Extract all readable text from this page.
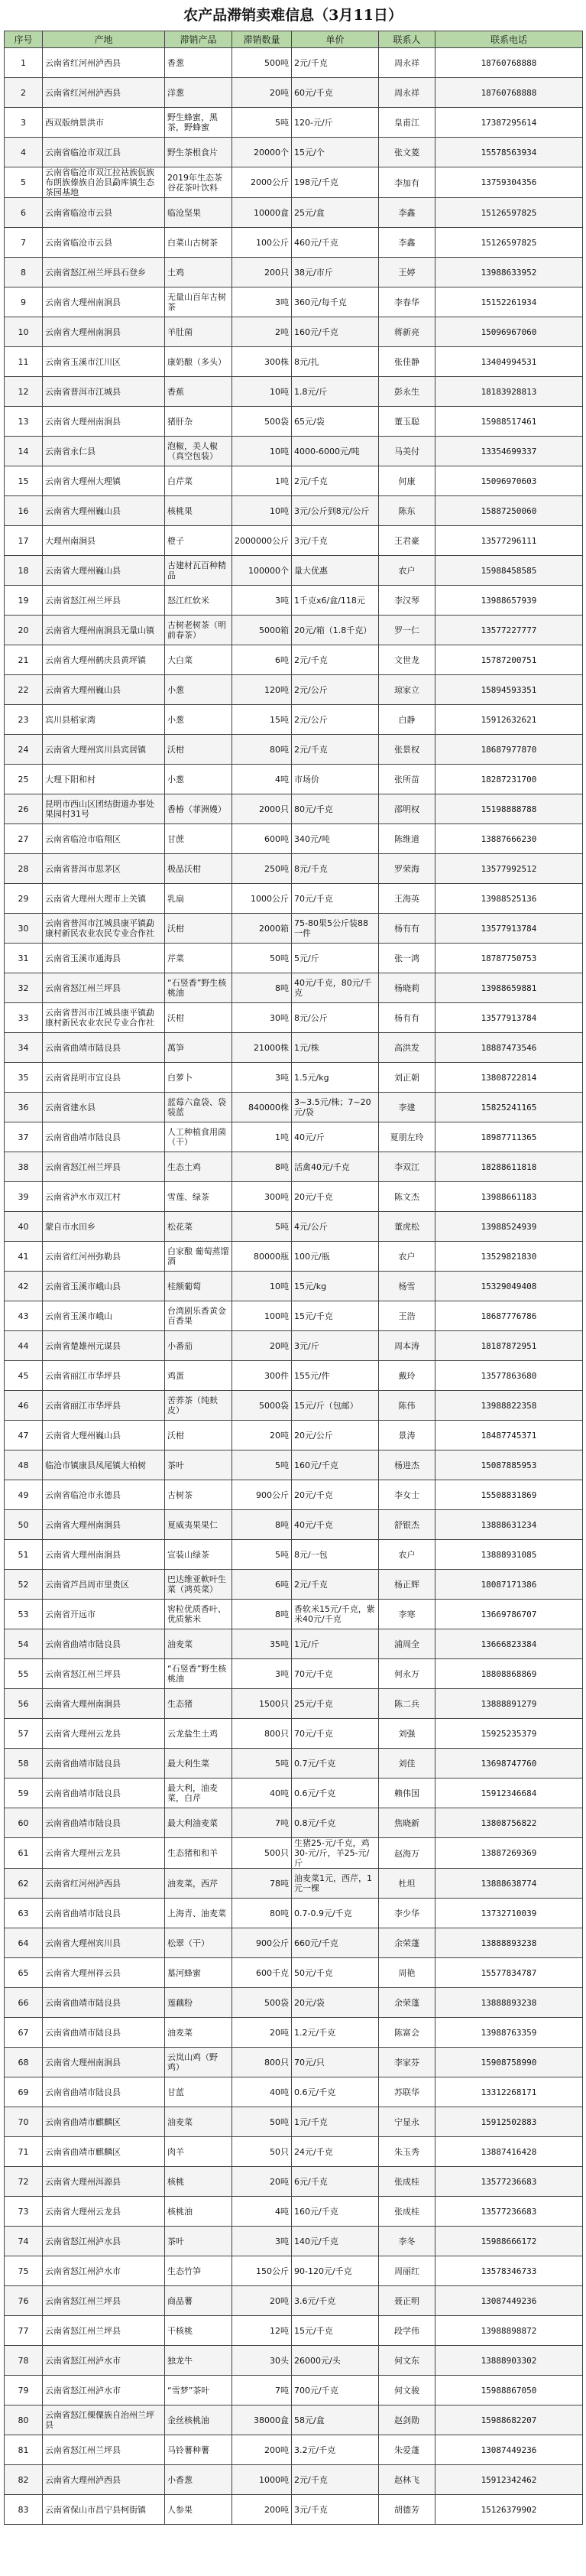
农产品滞销卖难信息（3月11日）
序号	产地	滞销产品	滞销数量	单价	联系人	联系电话
1	云南省红河州泸西县	香葱	500吨	2元/千克	周永祥	18760768888
2	云南省红河州泸西县	洋葱	20吨	60元/千克	周永祥	18760768888
3	西双版纳景洪市	野生蜂蜜，黑茶，野蜂蜜	5吨	120-元/斤	皇甫江	17387295614
4	云南省临沧市双江县	野生茶根食片	20000个	15元/个	张文菱	15578563934
5	云南省临沧市双江拉祜族佤族布朗族傣族自治县勐库镇生态茶园基地	2019年生态茶谷花茶叶饮料	2000公斤	198元/千克	李加有	13759304356
6	云南省临沧市云县	临沧坚果	10000盒	25元/盒	李鑫	15126597825
7	云南省临沧市云县	白菜山古树茶	100公斤	460元/千克	李鑫	15126597825
8	云南省怒江州兰坪县石登乡	土鸡	200只	38元/市斤	王婷	13988633952
9	云南省大理州南涧县	无量山百年古树茶	3吨	360元/每千克	李春华	15152261934
10	云南省大理州南涧县	羊肚菌	2吨	160元/千克	蒋新亮	15096967060
11	云南省玉溪市江川区	康奶酿（多头）	300株	8元/扎	张佳静	13404994531
12	云南省普洱市江城县	香蕉	10吨	1.8元/斤	彭永生	18183928813
13	云南省大理州南涧县	猪肝杂	500袋	65元/袋	董玉聪	15988517461
14	云南省永仁县	泡椒，美人椒（真空包装）	10吨	4000-6000元/吨	马美付	13354699337
15	云南省大理州大理镇	白芹菜	1吨	2元/千克	何康	15096970603
16	云南省大理州巍山县	核桃果	10吨	3元/公斤到8元/公斤	陈东	15887250060
17	大理州南涧县	橙子	2000000公斤	3元/千克	王君豪	13577296111
18	云南省大理州巍山县	古建材瓦百种精品	100000个	量大优惠	农户	15988458585
19	云南省怒江州兰坪县	怒江红软米	3吨	1千克x6/盒/118元	李汉琴	13988657939
20	云南省大理州南涧县无量山镇	古树老树茶（明前春茶）	5000箱	20元/箱（1.8千克）	罗一仁	13577227777
21	云南省大理州鹤庆县黄坪镇	大白菜	6吨	2元/千克	文世龙	15787200751
22	云南省大理州巍山县	小葱	120吨	2元/公斤	琼家立	15894593351
23	宾川县稻家湾	小葱	15吨	2元/公斤	白静	15912632621
24	云南省大理州宾川县宾居镇	沃柑	80吨	2元/千克	张景权	18687977870
25	大理下阳和村	小葱	4吨	市场价	张所苗	18287231700
26	昆明市西山区团结街道办事处果园村31号	香椿（菲洲嫚）	2000只	80元/千克	邵明权	15198888788
27	云南省临沧市临翔区	甘蔗	600吨	340元/吨	陈维道	13887666230
28	云南省普洱市思茅区	极品沃柑	250吨	8元/千克	罗荣海	13577992512
29	云南省大理州大理市上关镇	乳扇	1000公斤	70元/千克	王海英	13988525136
30	云南省普洱市江城县康平镇勐康村新民农业农民专业合作社	沃柑	2000箱	75-80果5公斤装88一件	杨有有	13577913784
31	云南省玉溪市通海县	芹菜	50吨	5元/斤	张一鸿	18787750753
32	云南省怒江州兰坪县	“石竖香”野生核桃油	8吨	40元/千克，80元/千克	杨晓莉	13988659881
33	云南省普洱市江城县康平镇勐康村新民农业农民专业合作社	沃柑	30吨	8元/公斤	杨有有	13577913784
34	云南省曲靖市陆良县	萬笋	21000株	1元/株	高洪发	18887473546
35	云南省昆明市宜良县	白萝卜	3吨	1.5元/kg	刘正朝	13808722814
36	云南省建水县	蓝莓六盒袋、袋装蓝	840000株	3~3.5元/株；7~20元/袋	李建	15825241165
37	云南省曲靖市陆良县	人工种植食用菌（干）	1吨	40元/斤	夏朋左玲	18987711365
38	云南省怒江州兰坪县	生态土鸡	8吨	活禽40元/千克	李双江	18288611818
39	云南省泸水市双江村	雪莲、绿茶	300吨	20元/千克	陈文杰	13988661183
40	蒙自市水田乡	松花菜	5吨	4元/公斤	董虎松	13988524939
41	云南省红河州弥勒县	白家酿 葡萄蒸馏酒	80000瓶	100元/瓶	农户	13529821830
42	云南省玉溪市峨山县	桂额葡萄	10吨	15元/kg	杨雪	15329049408
43	云南省玉溪市峨山	台湾剧乐香黄金百香果	100吨	15元/千克	王浩	18687776786
44	云南省楚雄州元谋县	小番茄	20吨	3元/斤	周本涛	18187872951
45	云南省丽江市华坪县	鸡蛋	300件	155元/件	戴玲	13577863680
46	云南省丽江市华坪县	苦荞茶（纯麸皮）	5000袋	15元/斤（包邮）	陈伟	13988822358
47	云南省大理州巍山县	沃柑	20吨	20元/公斤	景涛	18487745371
48	临沧市镇康县凤尾镇大柏树	茶叶	5吨	160元/千克	杨进杰	15087885953
49	云南省临沧市永德县	古树茶	900公斤	20元/千克	李女士	15508831869
50	云南省大理州南涧县	夏威夷果果仁	8吨	40元/千克	舒银杰	13888631234
51	云南省大理州南涧县	宣装山绿茶	5吨	8元/一包	农户	13888931085
52	云南省芦昌周市里贵区	巴达维亚軟叶生菜（鸿英菜）	6吨	2元/千克	杨正辉	18087171386
53	云南省开远市	窖粒优质香叶、优质紫米	8吨	香软米15元/千克，紫米40元/千克	李寒	13669786707
54	云南省曲靖市陆良县	油麦菜	35吨	1元/斤	浦周全	13666823384
55	云南省怒江州兰坪县	“石竖香”野生核桃油	3吨	70元/千克	何永万	18808868869
56	云南省大理州南涧县	生态猪	1500只	25元/千克	陈二兵	13888891279
57	云南省大理州云龙县	云龙盐生土鸡	800只	70元/千克	刘强	15925235379
58	云南省曲靖市陆良县	最大利生菜	5吨	0.7元/千克	刘佳	13698747760
59	云南省曲靖市陆良县	最大利，油麦菜，白芹	40吨	0.6元/千克	赖伟国	15912346684
60	云南省曲靖市陆良县	最大利油麦菜	7吨	0.8元/千克	焦晓新	13808756822
61	云南省大理州云龙县	生态猪和和羊	500只	生猪25-元/千克，鸡30-元/斤，羊25-元/斤	赵海万	13887269369
62	云南省红河州泸西县	油麦菜，西芹	78吨	油麦菜1元，西芹，1元一棵	杜坦	13888638774
63	云南省曲靖市陆良县	上海青、油麦菜	80吨	0.7-0.9元/千克	李少华	13732710039
64	云南省大理州宾川县	松翠（干）	900公斤	660元/千克	余荣蓬	13888893238
65	云南省大理州祥云县	墓河蜂蜜	600千克	50元/千克	周艳	15577834787
66	云南省曲靖市陆良县	莲藕粉	500袋	20元/袋	余荣蓬	13888893238
67	云南省曲靖市陆良县	油麦菜	20吨	1.2元/千克	陈富会	13988763359
68	云南省大理州南涧县	云岚山鸡（野鸡）	800只	70元/只	李家芬	15908758990
69	云南省曲靖市陆良县	甘蓝	40吨	0.6元/千克	苏联华	13312268171
70	云南省曲靖市麒麟区	油麦菜	50吨	1元/千克	宁显永	15912502883
71	云南省曲靖市麒麟区	肉羊	50只	24元/千克	朱玉秀	13887416428
72	云南省大理州洱源县	核桃	20吨	6元/千克	张成桂	13577236683
73	云南省大理州云龙县	核桃油	4吨	160元/千克	张成桂	13577236683
74	云南省怒江州泸水县	茶叶	3吨	140元/千克	李冬	15988666172
75	云南省怒江州泸水市	生态竹笋	150公斤	90-120元/千克	周丽红	13578346733
76	云南省怒江州兰坪县	商品薯	20吨	3.6元/千克	聂正明	13087449236
77	云南省怒江州兰坪县	干核桃	12吨	15元/千克	段学伟	13988898872
78	云南省怒江州泸水市	独龙牛	30头	26000元/头	何文东	13888903302
79	云南省怒江州泸水市	“雪梦”茶叶	7吨	700元/千克	何文骏	15988867050
80	云南省怒江傈僳族自治州兰坪县	金丝核桃油	38000盒	58元/盒	赵剑勋	15988682207
81	云南省怒江州兰坪县	马铃薯种薯	200吨	3.2元/千克	朱爱蓬	13087449236
82	云南省大理州泸西县	小香葱	1000吨	2元/千克	赵林飞	15912342462
83	云南省保山市昌宁县柯街镇	人参果	200吨	3元/千克	胡德芳	15126379902
